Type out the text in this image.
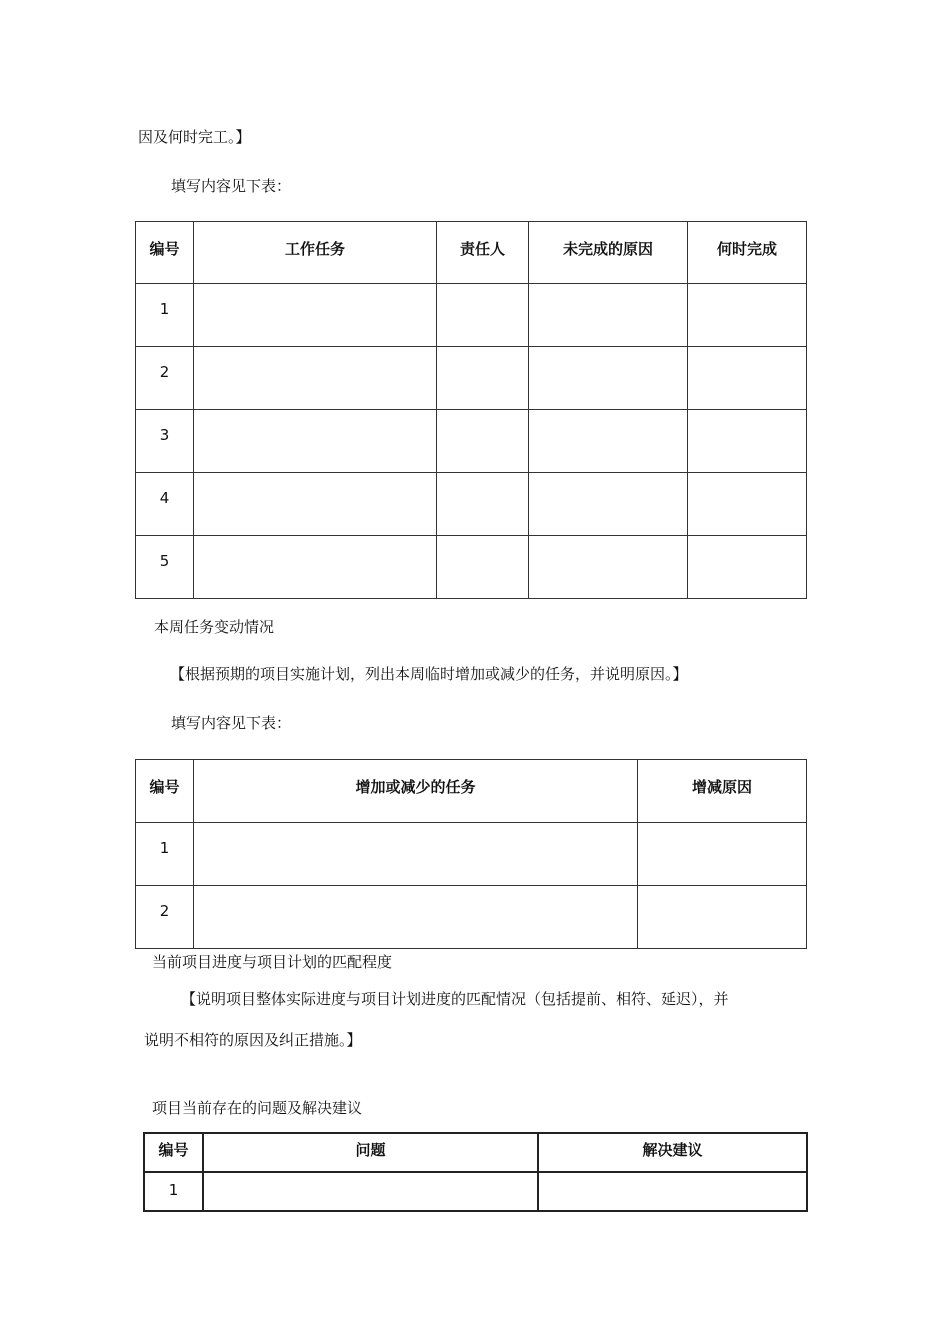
因及何时完工。】
填写内容见下表：
编号	工作任务	责任人	未完成的原因	何时完成
1				
2				
3				
4				
5				
本周任务变动情况
【根据预期的项目实施计划，列出本周临时增加或减少的任务，并说明原因。】
填写内容见下表：
编号	增加或减少的任务	增减原因
1		
2		
当前项目进度与项目计划的匹配程度
【说明项目整体实际进度与项目计划进度的匹配情况（包括提前、相符、延迟），并
说明不相符的原因及纠正措施。】
项目当前存在的问题及解决建议
编号	问题	解决建议
1		
